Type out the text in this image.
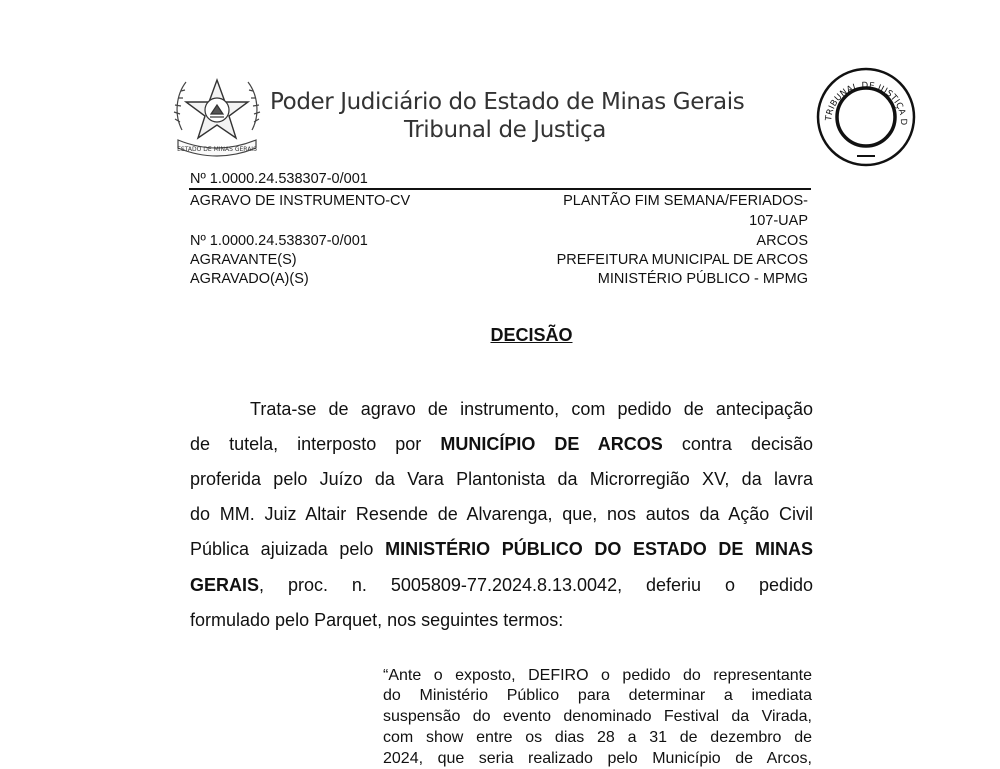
ESTADO DE MINAS GERAIS
Poder Judiciário do Estado de Minas Gerais
Tribunal de Justiça	TRIBUNAL DE JUSTIÇA D
Nº 1.0000.24.538307-0/001
AGRAVO DE INSTRUMENTO-CV	PLANTÃO FIM SEMANA/FERIADOS-
107-UAP
Nº 1.0000.24.538307-0/001	ARCOS
AGRAVANTE(S)	PREFEITURA MUNICIPAL DE ARCOS
AGRAVADO(A)(S)	MINISTÉRIO PÚBLICO - MPMG
DECISÃO
Trata-se de agravo de instrumento, com pedido de antecipação
de tutela, interposto por MUNICÍPIO DE ARCOS contra decisão
proferida pelo Juízo da Vara Plantonista da Microrregião XV, da lavra
do MM. Juiz Altair Resende de Alvarenga, que, nos autos da Ação Civil
Pública ajuizada pelo MINISTÉRIO PÚBLICO DO ESTADO DE MINAS
GERAIS, proc. n. 5005809-77.2024.8.13.0042, deferiu o pedido
formulado pelo Parquet, nos seguintes termos:
“Ante o exposto, DEFIRO o pedido do representante
do Ministério Público para determinar a imediata
suspensão do evento denominado Festival da Virada,
com show entre os dias 28 a 31 de dezembro de
2024, que seria realizado pelo Município de Arcos,
